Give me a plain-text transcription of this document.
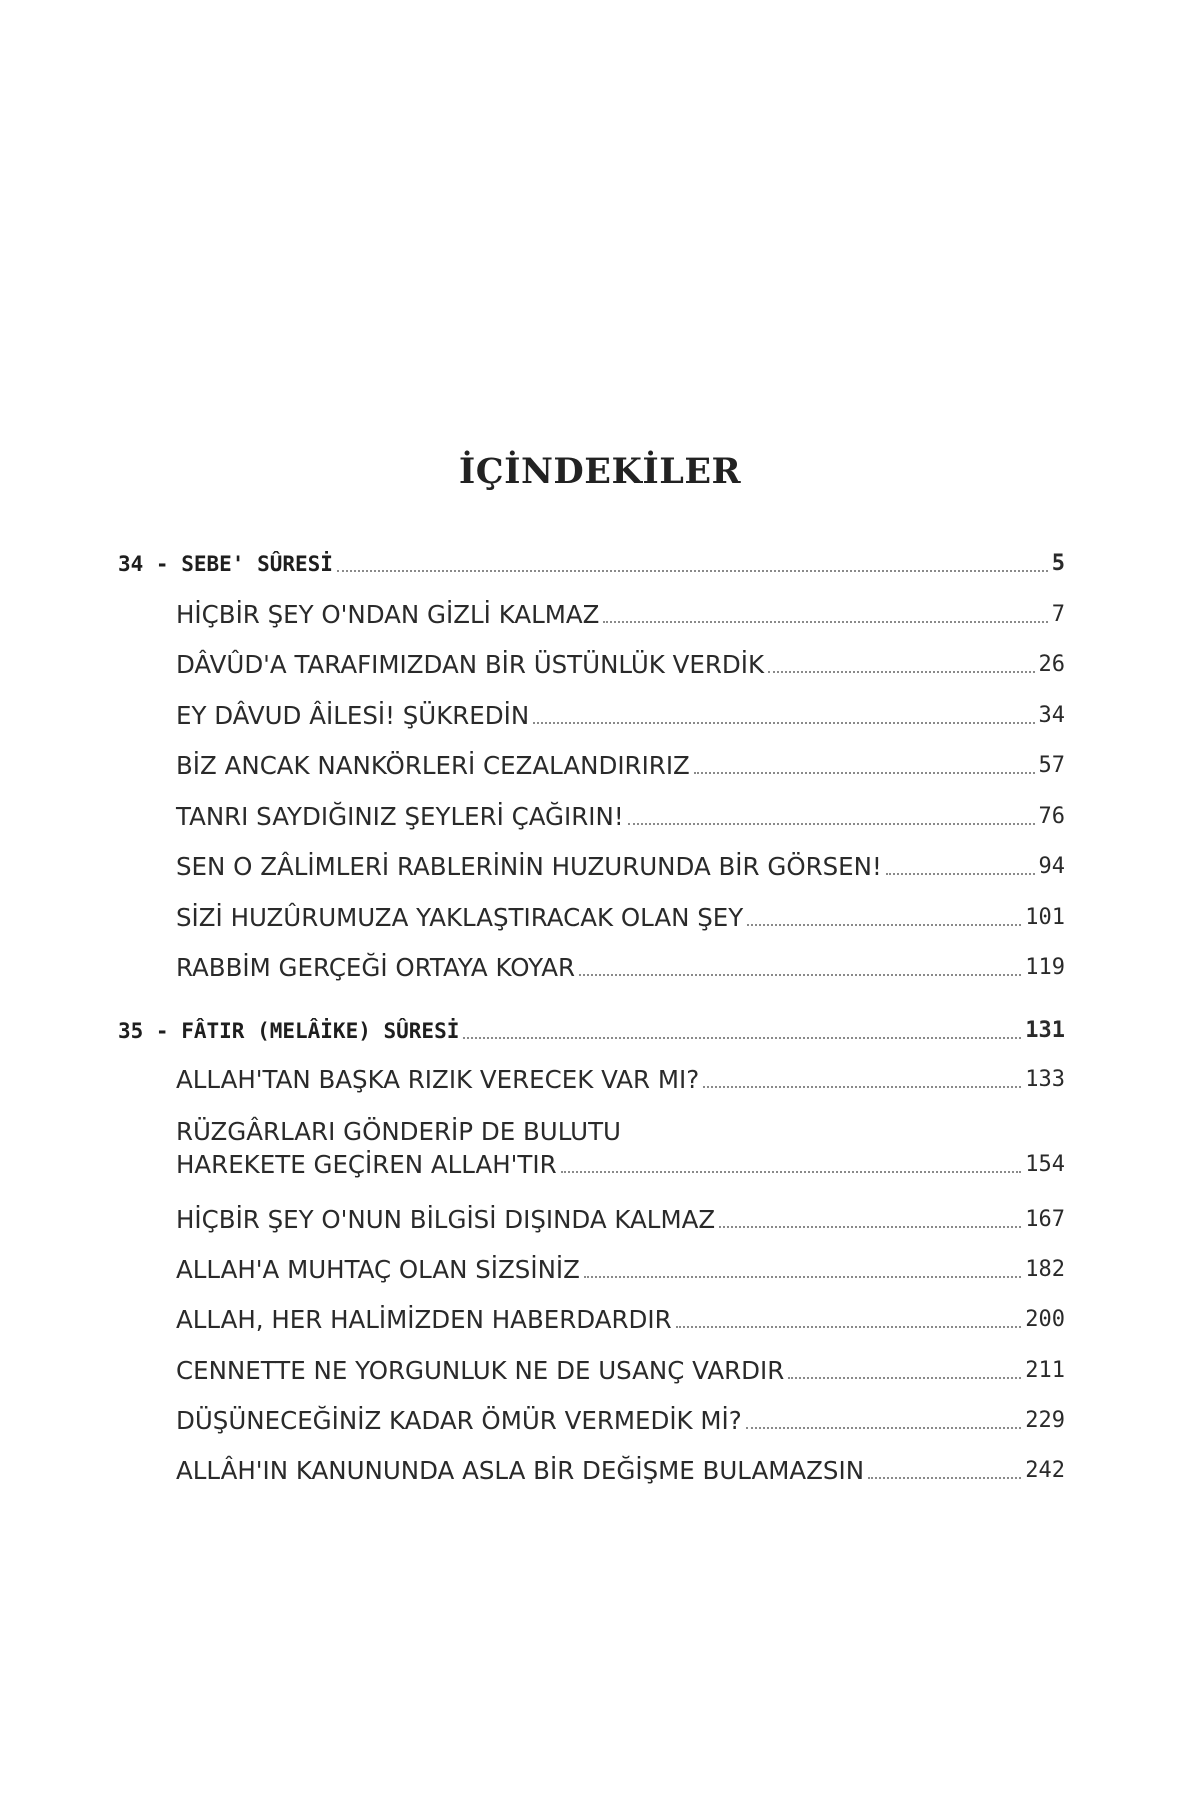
İÇİNDEKİLER
34 - SEBE' SÛRESİ	5
HİÇBİR ŞEY O'NDAN GİZLİ KALMAZ	7
DÂVÛD'A TARAFIMIZDAN BİR ÜSTÜNLÜK VERDİK	26
EY DÂVUD ÂİLESİ! ŞÜKREDİN	34
BİZ ANCAK NANKÖRLERİ CEZALANDIRIRIZ	57
TANRI SAYDIĞINIZ ŞEYLERİ ÇAĞIRIN!	76
SEN O ZÂLİMLERİ RABLERİNİN HUZURUNDA BİR GÖRSEN!	94
SİZİ HUZÛRUMUZA YAKLAŞTIRACAK OLAN ŞEY	101
RABBİM GERÇEĞİ ORTAYA KOYAR	119
35 - FÂTIR (MELÂİKE) SÛRESİ	131
ALLAH'TAN BAŞKA RIZIK VERECEK VAR MI?	133
RÜZGÂRLARI GÖNDERİP DE BULUTU
HAREKETE GEÇİREN ALLAH'TIR	154
HİÇBİR ŞEY O'NUN BİLGİSİ DIŞINDA KALMAZ	167
ALLAH'A MUHTAÇ OLAN SİZSİNİZ	182
ALLAH, HER HALİMİZDEN HABERDARDIR	200
CENNETTE NE YORGUNLUK NE DE USANÇ VARDIR	211
DÜŞÜNECEĞİNİZ KADAR ÖMÜR VERMEDİK Mİ?	229
ALLÂH'IN KANUNUNDA ASLA BİR DEĞİŞME BULAMAZSIN	242
